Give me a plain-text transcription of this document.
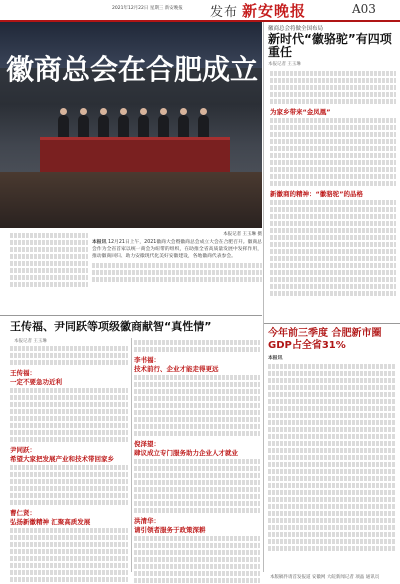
2021年12月22日 星期三 新安晚报 发布 新安晚报	A03
徽商总会在合肥成立
本报记者 王玉琳 摄
本报讯 12月21日上午，2021徽商大会暨徽商总会成立大会在合肥召开。徽商总会作为全省首家以统一商会为纽带的组织，在助推全省高质量发展中发挥作用，推动徽商回归、助力安徽现代化美好安徽建设，各地徽商代表参会。
徽商总会将做全国布局
新时代“徽骆驼”有四项重任
本报记者 王玉琳
为家乡带来“金凤凰”
新徽商的精神：“徽骆驼”的品格
王传福、尹同跃等项级徽商献智“真性情”
本报记者 王玉琳
王传福：
一定不要急功近利
尹同跃：
希望大家把发展产业和技术带回家乡
曹仁贤：
弘扬新徽精神 汇聚高质发展
李书福：
技术前行、企业才能走得更远
倪泽望：
肆议成立专门服务助力企业人才就业
洪清华：
请引领者服务于政策深耕
今年前三季度 合肥新市圈GDP占全省31%
本报讯
本版稿件请首发报道 安徽网 大皖新闻记者 项晶 通讯员
